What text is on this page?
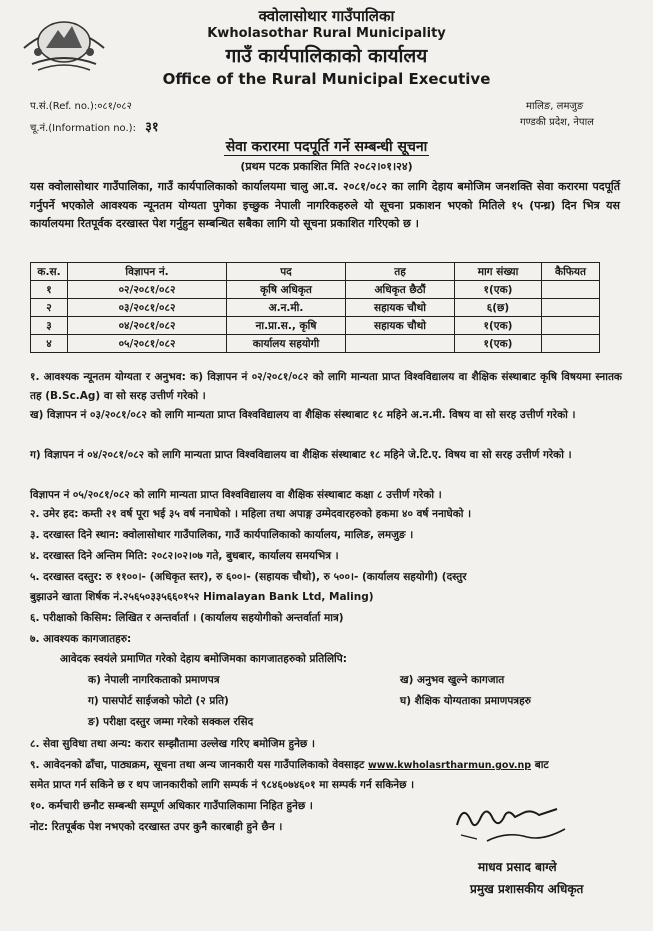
क्वोलासोथार गाउँपालिका
Kwholasothar Rural Municipality
गाउँ कार्यपालिकाको कार्यालय
Office of the Rural Municipal Executive
प.सं.(Ref. no.):०८१/०८२
चू.नं.(Information no.): ३१
मालिङ, लमजुङ
गण्डकी प्रदेश, नेपाल
सेवा करारमा पदपूर्ति गर्ने सम्बन्धी सूचना
(प्रथम पटक प्रकाशित मिति २०८२।०१।२४)
यस क्वोलासोथार गाउँपालिका, गाउँ कार्यपालिकाको कार्यालयमा चालु आ.व. २०८१/०८२ का लागि देहाय बमोजिम जनशक्ति सेवा करारमा पदपूर्ति गर्नुपर्ने भएकोले आवश्यक न्यूनतम योग्यता पुगेका इच्छुक नेपाली नागरिकहरुले यो सूचना प्रकाशन भएको मितिले १५ (पन्ध्र) दिन भित्र यस कार्यालयमा रितपूर्वक दरखास्त पेश गर्नुहुन सम्बन्धित सबैका लागि यो सूचना प्रकाशित गरिएको छ ।
क.स.	विज्ञापन नं.	पद	तह	माग संख्या	कैफियत
१	०२/२०८१/०८२	कृषि अधिकृत	अधिकृत छैठौं	१(एक)	
२	०३/२०८१/०८२	अ.न.मी.	सहायक चौथो	६(छ)	
३	०४/२०८१/०८२	ना.प्रा.स., कृषि	सहायक चौथो	१(एक)	
४	०५/२०८१/०८२	कार्यालय सहयोगी		१(एक)	
१. आवश्यक न्यूनतम योग्यता र अनुभव: क) विज्ञापन नं ०२/२०८१/०८२ को लागि मान्यता प्राप्त विश्वविद्यालय वा शैक्षिक संस्थाबाट कृषि विषयमा स्नातक तह (B.Sc.Ag) वा सो सरह उत्तीर्ण गरेको ।
ख) विज्ञापन नं ०३/२०८१/०८२ को लागि मान्यता प्राप्त विश्वविद्यालय वा शैक्षिक संस्थाबाट १८ महिने अ.न.मी. विषय वा सो सरह उत्तीर्ण गरेको ।
ग) विज्ञापन नं ०४/२०८१/०८२ को लागि मान्यता प्राप्त विश्वविद्यालय वा शैक्षिक संस्थाबाट १८ महिने जे.टि.ए. विषय वा सो सरह उत्तीर्ण गरेको ।
विज्ञापन नं ०५/२०८१/०८२ को लागि मान्यता प्राप्त विश्वविद्यालय वा शैक्षिक संस्थाबाट कक्षा ८ उत्तीर्ण गरेको ।
२. उमेर हद: कम्ती २१ वर्ष पूरा भई ३५ वर्ष ननाघेको । महिला तथा अपाङ्ग उम्मेदवारहरुको हकमा ४० वर्ष ननाघेको ।
३. दरखास्त दिने स्थान: क्वोलासोथार गाउँपालिका, गाउँ कार्यपालिकाको कार्यालय, मालिङ, लमजुङ ।
४. दरखास्त दिने अन्तिम मिति: २०८२।०२।०७ गते, बुधबार, कार्यालय समयभित्र ।
५. दरखास्त दस्तुर: रु ११००।- (अधिकृत स्तर), रु ६००।- (सहायक चौथो), रु ५००।- (कार्यालय सहयोगी) (दस्तुर
बुझाउने खाता शिर्षक नं.२५६५०३३५६६०१५२ Himalayan Bank Ltd, Maling)
६. परीक्षाको किसिम: लिखित र अन्तर्वार्ता । (कार्यालय सहयोगीको अन्तर्वार्ता मात्र)
७. आवश्यक कागजातहरु:
आवेदक स्वयंले प्रमाणित गरेको देहाय बमोजिमका कागजातहरुको प्रतिलिपि:
क) नेपाली नागरिकताको प्रमाणपत्र	ख) अनुभव खुल्ने कागजात
ग) पासपोर्ट साईजको फोटो (२ प्रति)	घ) शैक्षिक योग्यताका प्रमाणपत्रहरु
ङ) परीक्षा दस्तुर जम्मा गरेको सक्कल रसिद
८. सेवा सुविधा तथा अन्य: करार सम्झौतामा उल्लेख गरिए बमोजिम हुनेछ ।
९. आवेदनको ढाँचा, पाठ्यक्रम, सूचना तथा अन्य जानकारी यस गाउँपालिकाको वेवसाइट www.kwholasrtharmun.gov.np बाट
समेत प्राप्त गर्न सकिने छ र थप जानकारीको लागि सम्पर्क नं ९८४६०७४६०१ मा सम्पर्क गर्न सकिनेछ ।
१०. कर्मचारी छनौट सम्बन्धी सम्पूर्ण अधिकार गाउँपालिकामा निहित हुनेछ ।
नोट: रितपूर्बक पेश नभएको दरखास्त उपर कुनै कारबाही हुने छैन ।
माधव प्रसाद बाग्ले
प्रमुख प्रशासकीय अधिकृत
